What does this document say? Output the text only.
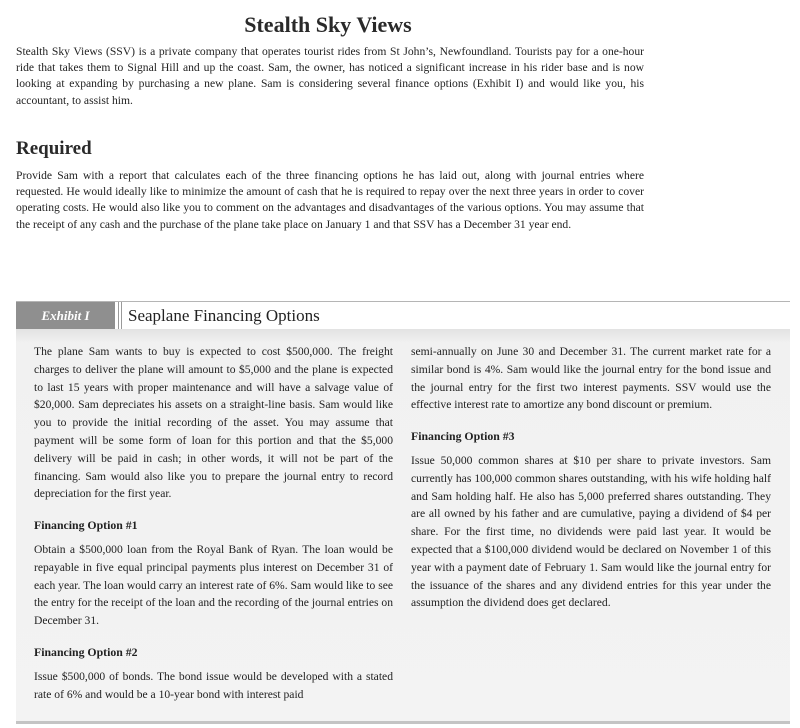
Stealth Sky Views

Stealth Sky Views (SSV) is a private company that operates tourist rides from St John’s, Newfoundland. Tourists pay for a one-hour ride that takes them to Signal Hill and up the coast. Sam, the owner, has noticed a significant increase in his rider base and is now looking at expanding by purchasing a new plane. Sam is considering several finance options (Exhibit I) and would like you, his accountant, to assist him.

Required

Provide Sam with a report that calculates each of the three financing options he has laid out, along with journal entries where requested. He would ideally like to minimize the amount of cash that he is required to repay over the next three years in order to cover operating costs. He would also like you to comment on the advantages and disadvantages of the various options. You may assume that the receipt of any cash and the purchase of the plane take place on January 1 and that SSV has a December 31 year end.

Exhibit I	Seaplane Financing Options

The plane Sam wants to buy is expected to cost $500,000. The freight charges to deliver the plane will amount to $5,000 and the plane is expected to last 15 years with proper maintenance and will have a salvage value of $20,000. Sam depreciates his assets on a straight-line basis. Sam would like you to provide the initial recording of the asset. You may assume that payment will be some form of loan for this portion and that the $5,000 delivery will be paid in cash; in other words, it will not be part of the financing. Sam would also like you to prepare the journal entry to record depreciation for the first year.

Financing Option #1

Obtain a $500,000 loan from the Royal Bank of Ryan. The loan would be repayable in five equal principal payments plus interest on December 31 of each year. The loan would carry an interest rate of 6%. Sam would like to see the entry for the receipt of the loan and the recording of the journal entries on December 31.

Financing Option #2

Issue $500,000 of bonds. The bond issue would be developed with a stated rate of 6% and would be a 10-year bond with interest paid

semi-annually on June 30 and December 31. The current market rate for a similar bond is 4%. Sam would like the journal entry for the bond issue and the journal entry for the first two interest payments. SSV would use the effective interest rate to amortize any bond discount or premium.

Financing Option #3

Issue 50,000 common shares at $10 per share to private investors. Sam currently has 100,000 common shares outstanding, with his wife holding half and Sam holding half. He also has 5,000 preferred shares outstanding. They are all owned by his father and are cumulative, paying a dividend of $4 per share. For the first time, no dividends were paid last year. It would be expected that a $100,000 dividend would be declared on November 1 of this year with a payment date of February 1. Sam would like the journal entry for the issuance of the shares and any dividend entries for this year under the assumption the dividend does get declared.
